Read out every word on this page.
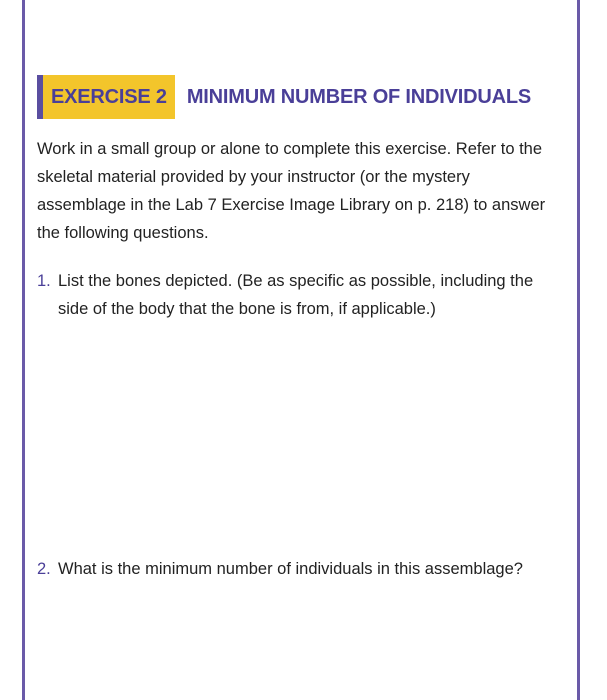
EXERCISE 2	MINIMUM NUMBER OF INDIVIDUALS

Work in a small group or alone to complete this exercise. Refer to the skeletal material provided by your instructor (or the mystery assemblage in the Lab 7 Exercise Image Library on p. 218) to answer the following questions.

1. List the bones depicted. (Be as specific as possible, including the side of the body that the bone is from, if applicable.)
2. What is the minimum number of individuals in this assemblage?
